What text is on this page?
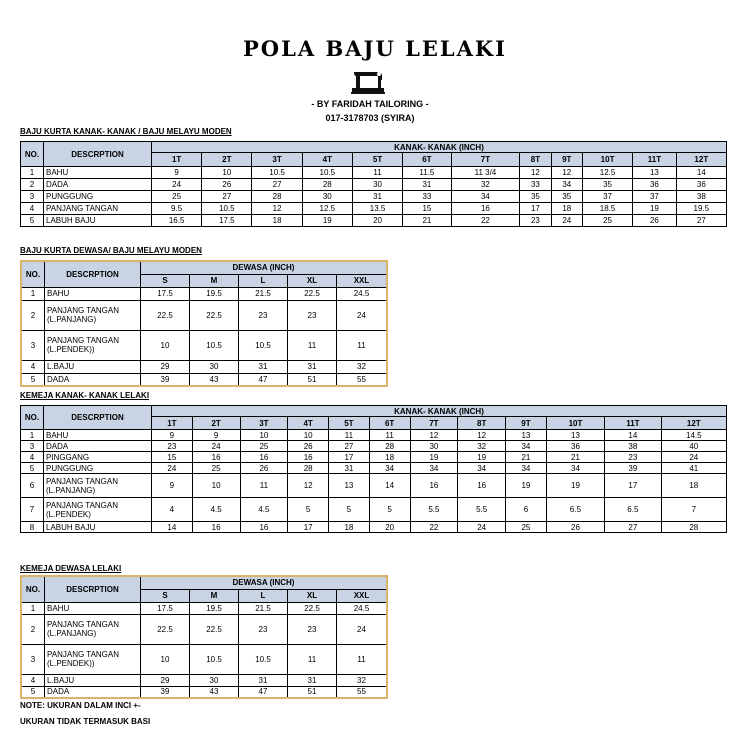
POLA BAJU LELAKI
- BY FARIDAH TAILORING -
017-3178703 (SYIRA)
BAJU KURTA KANAK- KANAK / BAJU MELAYU MODEN
NO.	DESCRPTION	KANAK- KANAK (INCH)											
		1T	2T	3T	4T	5T	6T	7T	8T	9T	10T	11T	12T
1	BAHU	9	10	10.5	10.5	11	11.5	11 3/4	12	12	12.5	13	14
2	DADA	24	26	27	28	30	31	32	33	34	35	36	36
3	PUNGGUNG	25	27	28	30	31	33	34	35	35	37	37	38
4	PANJANG TANGAN	9.5	10.5	12	12.5	13.5	15	16	17	18	18.5	19	19.5
5	LABUH BAJU	16.5	17.5	18	19	20	21	22	23	24	25	26	27
BAJU KURTA DEWASA/ BAJU MELAYU MODEN
NO.	DESCRPTION	DEWASA (INCH)				
		S	M	L	XL	XXL
1	BAHU	17.5	19.5	21.5	22.5	24.5
2	PANJANG TANGAN
(L.PANJANG)	22.5	22.5	23	23	24
3	PANJANG TANGAN
(L.PENDEK))	10	10.5	10.5	11	11
4	L.BAJU	29	30	31	31	32
5	DADA	39	43	47	51	55
KEMEJA KANAK- KANAK LELAKI
NO.	DESCRPTION	KANAK- KANAK (INCH)											
		1T	2T	3T	4T	5T	6T	7T	8T	9T	10T	11T	12T
1	BAHU	9	9	10	10	11	11	12	12	13	13	14	14.5
3	DADA	23	24	25	26	27	28	30	32	34	36	38	40
4	PINGGANG	15	16	16	16	17	18	19	19	21	21	23	24
5	PUNGGUNG	24	25	26	28	31	34	34	34	34	34	39	41
6	PANJANG TANGAN
(L.PANJANG)	9	10	11	12	13	14	16	16	19	19	17	18
7	PANJANG TANGAN
(L.PENDEK)	4	4.5	4.5	5	5	5	5.5	5.5	6	6.5	6.5	7
8	LABUH BAJU	14	16	16	17	18	20	22	24	25	26	27	28
KEMEJA DEWASA LELAKI
NO.	DESCRPTION	DEWASA (INCH)				
		S	M	L	XL	XXL
1	BAHU	17.5	19.5	21.5	22.5	24.5
2	PANJANG TANGAN
(L.PANJANG)	22.5	22.5	23	23	24
3	PANJANG TANGAN
(L.PENDEK))	10	10.5	10.5	11	11
4	L.BAJU	29	30	31	31	32
5	DADA	39	43	47	51	55
NOTE: UKURAN DALAM INCI +-
UKURAN TIDAK TERMASUK BASI
